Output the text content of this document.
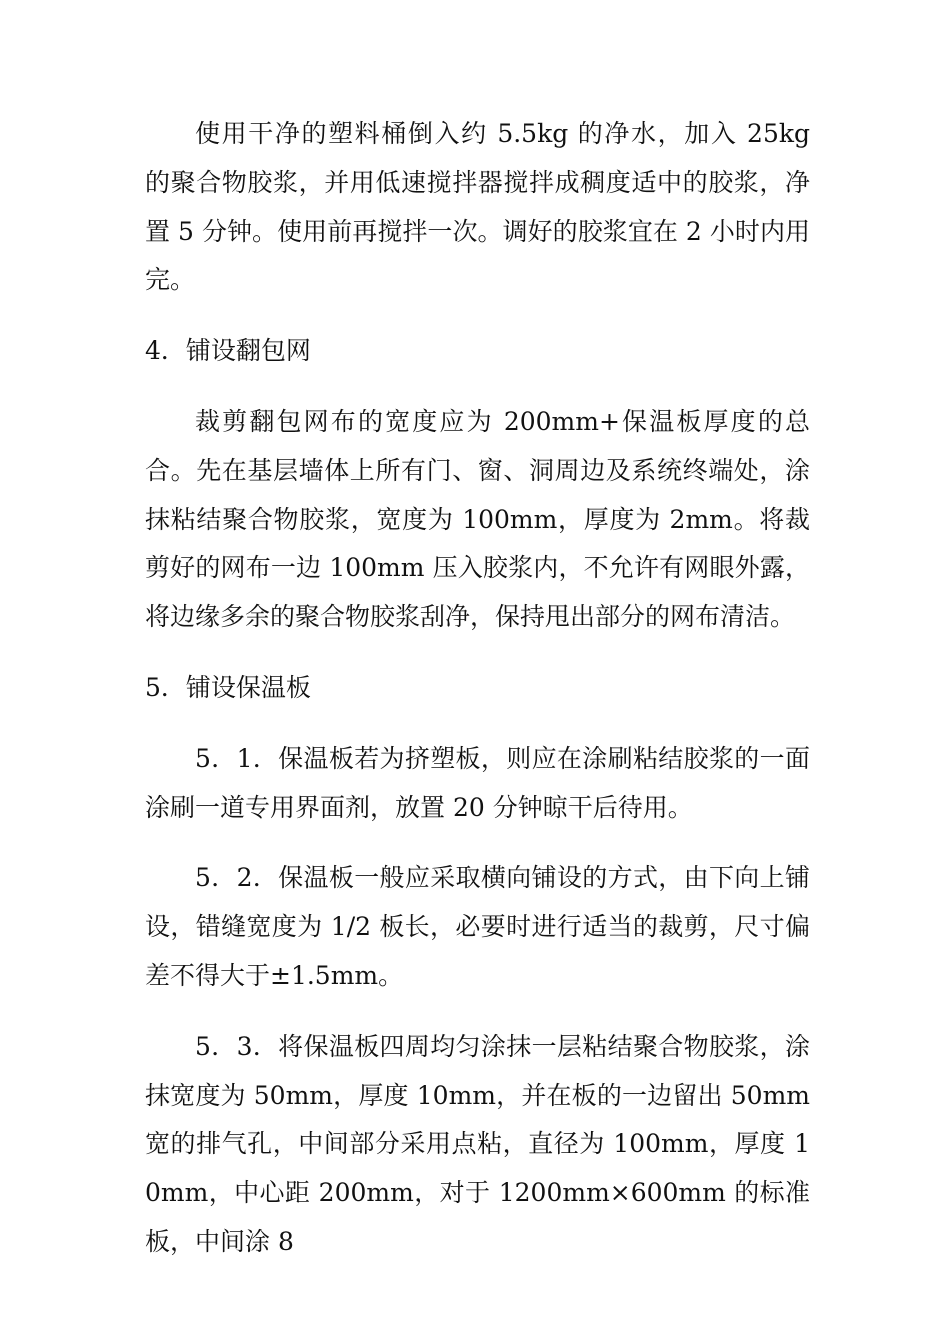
使用干净的塑料桶倒入约 5.5kg 的净水，加入 25kg 的聚合物胶浆，并用低速搅拌器搅拌成稠度适中的胶浆，净置 5 分钟。使用前再搅拌一次。调好的胶浆宜在 2 小时内用完。

4．铺设翻包网

裁剪翻包网布的宽度应为 200mm+保温板厚度的总合。先在基层墙体上所有门、窗、洞周边及系统终端处，涂抹粘结聚合物胶浆，宽度为 100mm，厚度为 2mm。将裁剪好的网布一边 100mm 压入胶浆内，不允许有网眼外露，将边缘多余的聚合物胶浆刮净，保持甩出部分的网布清洁。

5．铺设保温板

5．1．保温板若为挤塑板，则应在涂刷粘结胶浆的一面涂刷一道专用界面剂，放置 20 分钟晾干后待用。

5．2．保温板一般应采取横向铺设的方式，由下向上铺设，错缝宽度为 1/2 板长，必要时进行适当的裁剪，尺寸偏差不得大于±1.5mm。

5．3．将保温板四周均匀涂抹一层粘结聚合物胶浆，涂抹宽度为 50mm，厚度 10mm，并在板的一边留出 50mm 宽的排气孔，中间部分采用点粘，直径为 100mm，厚度 10mm，中心距 200mm，对于 1200mm×600mm 的标准板，中间涂 8
